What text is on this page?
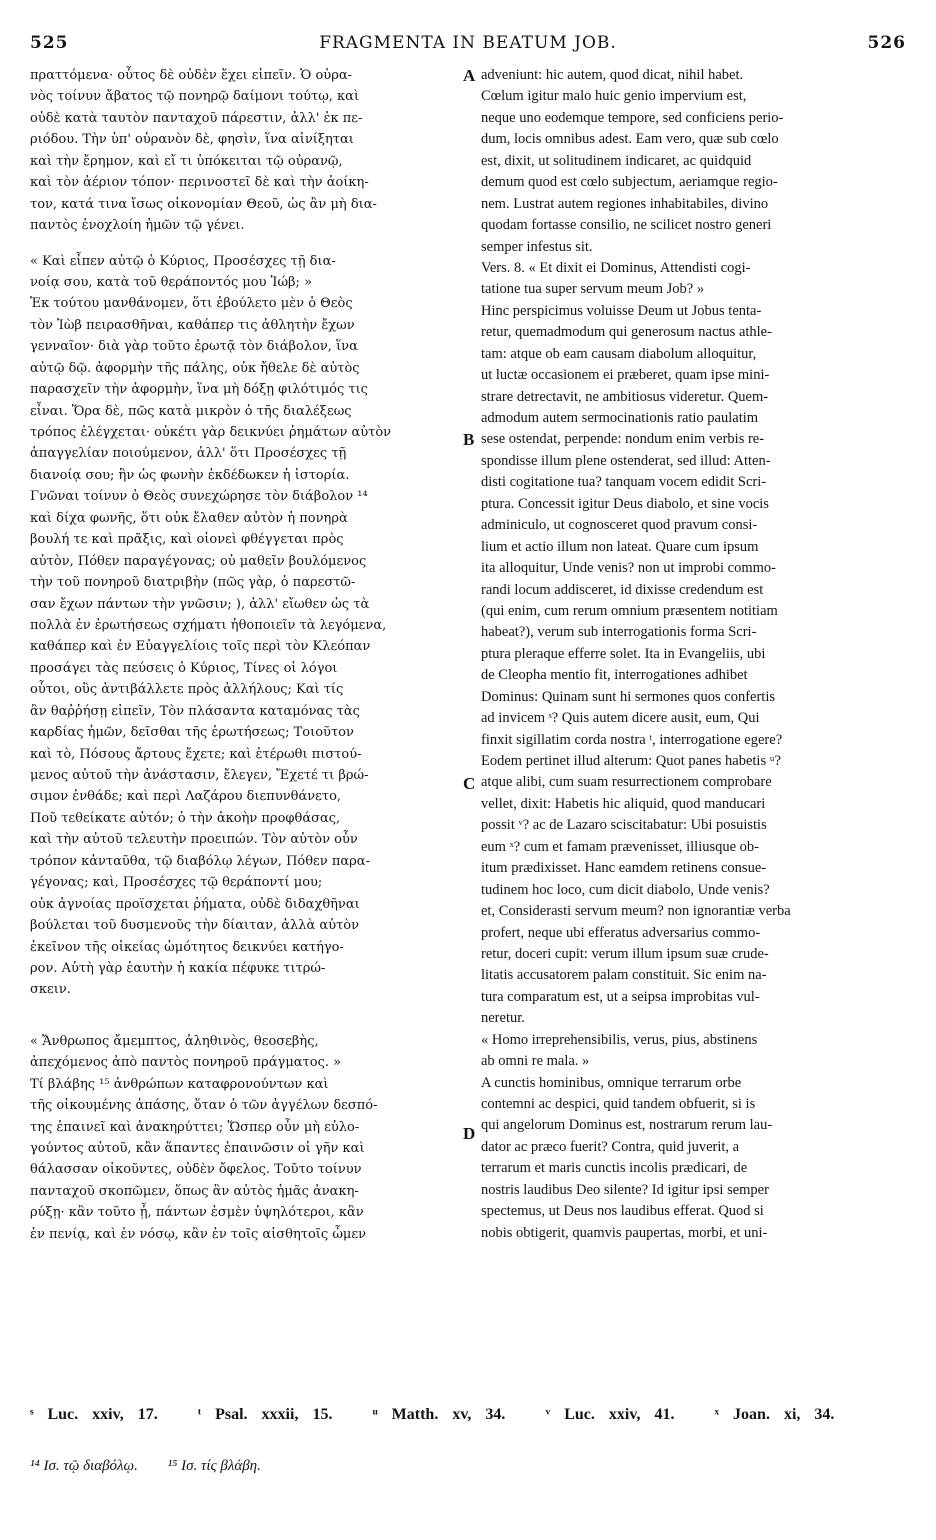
525	FRAGMENTA IN BEATUM JOB.	526
πραττόμενα· οὗτος δὲ οὐδὲν ἔχει εἰπεῖν. Ὁ οὐρα-
νὸς τοίνυν ἄβατος τῷ πονηρῷ δαίμονι τούτῳ, καὶ
οὐδὲ κατὰ ταυτὸν πανταχοῦ πάρεστιν, ἀλλ' ἐκ πε-
ριόδου. Τὴν ὑπ' οὐρανὸν δὲ, φησὶν, ἵνα αἰνίξηται
καὶ τὴν ἔρημον, καὶ εἴ τι ὑπόκειται τῷ οὐρανῷ,
καὶ τὸν ἀέριον τόπον· περινοστεῖ δὲ καὶ τὴν ἀοίκη-
τον, κατά τινα ἴσως οἰκονομίαν Θεοῦ, ὡς ἂν μὴ δια-
παντὸς ἐνοχλοίη ἡμῶν τῷ γένει.
« Καὶ εἶπεν αὐτῷ ὁ Κύριος, Προσέσχες τῇ δια-
νοίᾳ σου, κατὰ τοῦ θεράποντός μου Ἰώβ; »
Ἐκ τούτου μανθάνομεν, ὅτι ἐβούλετο μὲν ὁ Θεὸς
τὸν Ἰὼβ πειρασθῆναι, καθάπερ τις ἀθλητὴν ἔχων
γενναῖον· διὰ γὰρ τοῦτο ἐρωτᾷ τὸν διάβολον, ἵνα
αὐτῷ δῷ. ἀφορμὴν τῆς πάλης, οὐκ ἤθελε δὲ αὐτὸς
παρασχεῖν τὴν ἀφορμὴν, ἵνα μὴ δόξῃ φιλότιμός τις
εἶναι. Ὅρα δὲ, πῶς κατὰ μικρὸν ὁ τῆς διαλέξεως
τρόπος ἐλέγχεται· οὐκέτι γὰρ δεικνύει ῥημάτων αὐτὸν
ἀπαγγελίαν ποιούμενον, ἀλλ' ὅτι Προσέσχες τῇ
διανοίᾳ σου; ἣν ὡς φωνὴν ἐκδέδωκεν ἡ ἱστορία.
Γνῶναι τοίνυν ὁ Θεὸς συνεχώρησε τὸν διάβολον ¹⁴
καὶ δίχα φωνῆς, ὅτι οὐκ ἔλαθεν αὐτὸν ἡ πονηρὰ
βουλή τε καὶ πρᾶξις, καὶ οἱονεὶ φθέγγεται πρὸς
αὐτὸν, Πόθεν παραγέγονας; οὐ μαθεῖν βουλόμενος
τὴν τοῦ πονηροῦ διατριβὴν (πῶς γὰρ, ὁ παρεστῶ-
σαν ἔχων πάντων τὴν γνῶσιν; ), ἀλλ' εἴωθεν ὡς τὰ
πολλὰ ἐν ἐρωτήσεως σχήματι ἠθοποιεῖν τὰ λεγόμενα,
καθάπερ καὶ ἐν Εὐαγγελίοις τοῖς περὶ τὸν Κλεόπαν
προσάγει τὰς πεύσεις ὁ Κύριος, Τίνες οἱ λόγοι
οὗτοι, οὓς ἀντιβάλλετε πρὸς ἀλλήλους; Καὶ τίς
ἂν θαῤῥήσῃ εἰπεῖν, Τὸν πλάσαντα καταμόνας τὰς
καρδίας ἡμῶν, δεῖσθαι τῆς ἐρωτήσεως; Τοιοῦτον
καὶ τὸ, Πόσους ἄρτους ἔχετε; καὶ ἑτέρωθι πιστού-
μενος αὐτοῦ τὴν ἀνάστασιν, ἔλεγεν, Ἔχετέ τι βρώ-
σιμον ἐνθάδε; καὶ περὶ Λαζάρου διεπυνθάνετο,
Ποῦ τεθείκατε αὐτόν; ὁ τὴν ἀκοὴν προφθάσας,
καὶ τὴν αὐτοῦ τελευτὴν προειπών. Τὸν αὐτὸν οὖν
τρόπον κἀνταῦθα, τῷ διαβόλῳ λέγων, Πόθεν παρα-
γέγονας; καὶ, Προσέσχες τῷ θεράποντί μου;
οὐκ ἀγνοίας προϊσχεται ῥήματα, οὐδὲ διδαχθῆναι
βούλεται τοῦ δυσμενοῦς τὴν δίαιταν, ἀλλὰ αὐτὸν
ἐκεῖνον τῆς οἰκείας ὠμότητος δεικνύει κατήγο-
ρον. Αὐτὴ γὰρ ἑαυτὴν ἡ κακία πέφυκε τιτρώ-
σκειν.
« Ἄνθρωπος ἄμεμπτος, ἀληθινὸς, θεοσεβὴς,
ἀπεχόμενος ἀπὸ παντὸς πονηροῦ πράγματος. »
Τί βλάβης ¹⁵ ἀνθρώπων καταφρονούντων καὶ
τῆς οἰκουμένης ἁπάσης, ὅταν ὁ τῶν ἀγγέλων δεσπό-
της ἐπαινεῖ καὶ ἀνακηρύττει; Ὥσπερ οὖν μὴ εὐλο-
γούντος αὐτοῦ, κἂν ἅπαντες ἐπαινῶσιν οἱ γῆν καὶ
θάλασσαν οἰκοῦντες, οὐδὲν ὄφελος. Τοῦτο τοίνυν
πανταχοῦ σκοπῶμεν, ὅπως ἂν αὐτὸς ἡμᾶς ἀνακη-
ρύξῃ· κἂν τοῦτο ᾖ, πάντων ἐσμὲν ὑψηλότεροι, κἂν
ἐν πενίᾳ, καὶ ἐν νόσῳ, κἂν ἐν τοῖς αἰσθητοῖς ὦμεν
adveniunt: hic autem, quod dicat, nihil habet.
Cœlum igitur malo huic genio impervium est,
neque uno eodemque tempore, sed conficiens perio-
dum, locis omnibus adest. Eam vero, quæ sub cœlo
est, dixit, ut solitudinem indicaret, ac quidquid
demum quod est cœlo subjectum, aeriamque regio-
nem. Lustrat autem regiones inhabitabiles, divino
quodam fortasse consilio, ne scilicet nostro generi
semper infestus sit.
Vers. 8. « Et dixit ei Dominus, Attendisti cogi-
tatione tua super servum meum Job? »
Hinc perspicimus voluisse Deum ut Jobus tenta-
retur, quemadmodum qui generosum nactus athle-
tam: atque ob eam causam diabolum alloquitur,
ut luctæ occasionem ei præberet, quam ipse mini-
strare detrectavit, ne ambitiosus videretur. Quem-
admodum autem sermocinationis ratio paulatim
sese ostendat, perpende: nondum enim verbis re-
spondisse illum plene ostenderat, sed illud: Atten-
disti cogitatione tua? tanquam vocem edidit Scri-
ptura. Concessit igitur Deus diabolo, et sine vocis
adminiculo, ut cognosceret quod pravum consi-
lium et actio illum non lateat. Quare cum ipsum
ita alloquitur, Unde venis? non ut improbi commo-
randi locum addisceret, id dixisse credendum est
(qui enim, cum rerum omnium præsentem notitiam
habeat?), verum sub interrogationis forma Scri-
ptura pleraque efferre solet. Ita in Evangeliis, ubi
de Cleopha mentio fit, interrogationes adhibet
Dominus: Quinam sunt hi sermones quos confertis
ad invicem ˢ? Quis autem dicere ausit, eum, Qui
finxit sigillatim corda nostra ᵗ, interrogatione egere?
Eodem pertinet illud alterum: Quot panes habetis ᵘ?
atque alibi, cum suam resurrectionem comprobare
vellet, dixit: Habetis hic aliquid, quod manducari
possit ᵛ? ac de Lazaro sciscitabatur: Ubi posuistis
eum ˣ? cum et famam prævenisset, illiusque ob-
itum prædixisset. Hanc eamdem retinens consue-
tudinem hoc loco, cum dicit diabolo, Unde venis?
et, Considerasti servum meum? non ignorantiæ verba
profert, neque ubi efferatus adversarius commo-
retur, doceri cupit: verum illum ipsum suæ crude-
litatis accusatorem palam constituit. Sic enim na-
tura comparatum est, ut a seipsa improbitas vul-
neretur.
« Homo irreprehensibilis, verus, pius, abstinens
ab omni re mala. »
A cunctis hominibus, omnique terrarum orbe
contemni ac despici, quid tandem obfuerit, si is
qui angelorum Dominus est, nostrarum rerum lau-
dator ac præco fuerit? Contra, quid juverit, a
terrarum et maris cunctis incolis prædicari, de
nostris laudibus Deo silente? Id igitur ipsi semper
spectemus, ut Deus nos laudibus efferat. Quod si
nobis obtigerit, quamvis paupertas, morbi, et uni-
A
B
C
D
ˢ Luc. xxiv, 17.	ᵗ Psal. xxxii, 15.	ᵘ Matth. xv, 34.	ᵛ Luc. xxiv, 41.	ˣ Joan. xi, 34.
¹⁴ Ισ. τῷ διαβόλῳ. ¹⁵ Ισ. τίς βλάβη.
